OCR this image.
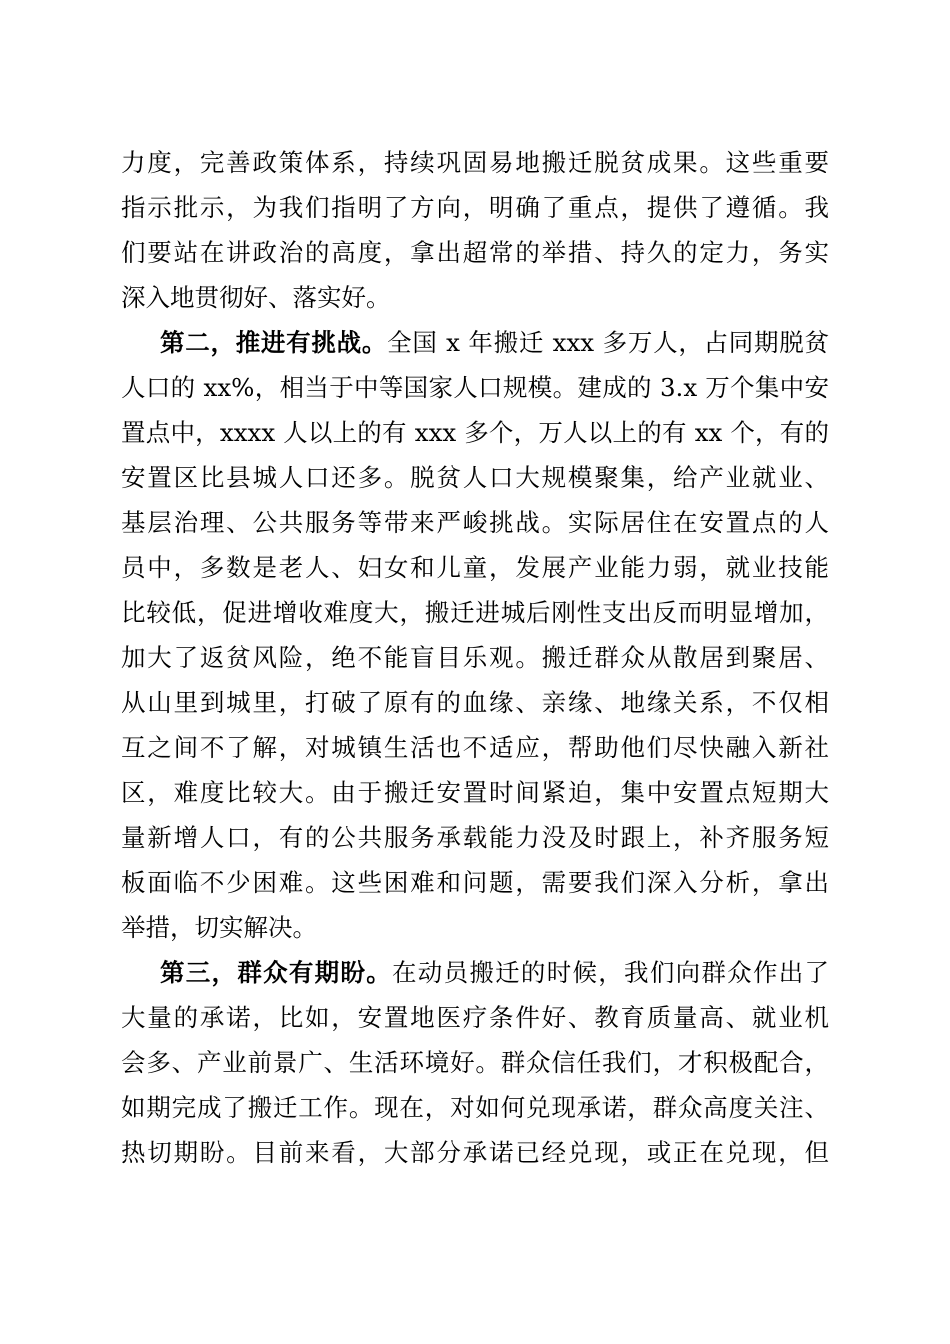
力度，完善政策体系，持续巩固易地搬迁脱贫成果。这些重要
指示批示，为我们指明了方向，明确了重点，提供了遵循。我
们要站在讲政治的高度，拿出超常的举措、持久的定力，务实
深入地贯彻好、落实好。
第二，推进有挑战。全国 x 年搬迁 xxx 多万人，占同期脱贫
人口的 xx%，相当于中等国家人口规模。建成的 3.x 万个集中安
置点中，xxxx 人以上的有 xxx 多个，万人以上的有 xx 个，有的
安置区比县城人口还多。脱贫人口大规模聚集，给产业就业、
基层治理、公共服务等带来严峻挑战。实际居住在安置点的人
员中，多数是老人、妇女和儿童，发展产业能力弱，就业技能
比较低，促进增收难度大，搬迁进城后刚性支出反而明显增加，
加大了返贫风险，绝不能盲目乐观。搬迁群众从散居到聚居、
从山里到城里，打破了原有的血缘、亲缘、地缘关系，不仅相
互之间不了解，对城镇生活也不适应，帮助他们尽快融入新社
区，难度比较大。由于搬迁安置时间紧迫，集中安置点短期大
量新增人口，有的公共服务承载能力没及时跟上，补齐服务短
板面临不少困难。这些困难和问题，需要我们深入分析，拿出
举措，切实解决。
第三，群众有期盼。在动员搬迁的时候，我们向群众作出了
大量的承诺，比如，安置地医疗条件好、教育质量高、就业机
会多、产业前景广、生活环境好。群众信任我们，才积极配合，
如期完成了搬迁工作。现在，对如何兑现承诺，群众高度关注、
热切期盼。目前来看，大部分承诺已经兑现，或正在兑现，但
